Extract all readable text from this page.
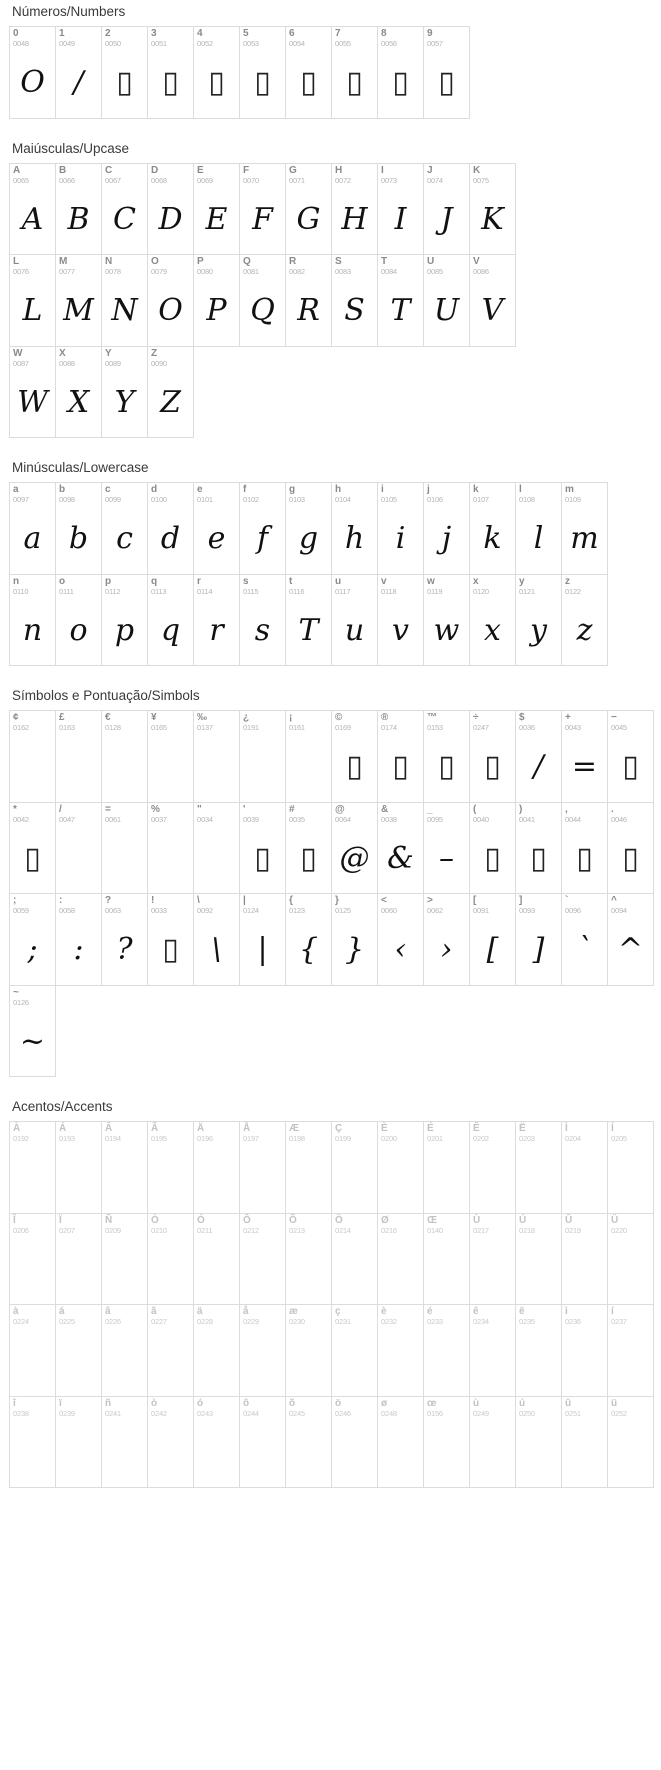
Números/Numbers
0
0048
O
1
0049
/
2
0050
▯
3
0051
▯
4
0052
▯
5
0053
▯
6
0054
▯
7
0055
▯
8
0056
▯
9
0057
▯
Maiúsculas/Upcase
A
0065
A
B
0066
B
C
0067
C
D
0068
D
E
0069
E
F
0070
F
G
0071
G
H
0072
H
I
0073
I
J
0074
J
K
0075
K
L
0076
L
M
0077
M
N
0078
N
O
0079
O
P
0080
P
Q
0081
Q
R
0082
R
S
0083
S
T
0084
T
U
0085
U
V
0086
V
W
0087
W
X
0088
X
Y
0089
Y
Z
0090
Z
Minúsculas/Lowercase
a
0097
a
b
0098
b
c
0099
c
d
0100
d
e
0101
e
f
0102
f
g
0103
g
h
0104
h
i
0105
i
j
0106
j
k
0107
k
l
0108
l
m
0109
m
n
0110
n
o
0111
o
p
0112
p
q
0113
q
r
0114
r
s
0115
s
t
0116
T
u
0117
u
v
0118
v
w
0119
w
x
0120
x
y
0121
y
z
0122
z
Símbolos e Pontuação/Simbols
¢
0162
£
0163
€
0128
¥
0165
‰
0137
¿
0191
¡
0161
©
0169
▯
®
0174
▯
™
0153
▯
÷
0247
▯
$
0036
/
+
0043
=
−
0045
▯
*
0042
▯
/
0047
=
0061
%
0037
"
0034
'
0039
▯
#
0035
▯
@
0064
@
&
0038
&
_
0095
–
(
0040
▯
)
0041
▯
,
0044
▯
.
0046
▯
;
0059
;
:
0058
:
?
0063
?
!
0033
▯
\
0092
\
|
0124
|
{
0123
{
}
0125
}
<
0060
‹
>
0062
›
[
0091
[
]
0093
]
`
0096
`
^
0094
^
~
0126
~
Acentos/Accents
À
0192
Á
0193
Â
0194
Ã
0195
Ä
0196
Å
0197
Æ
0198
Ç
0199
È
0200
É
0201
Ê
0202
Ë
0203
Ì
0204
Í
0205
Î
0206
Ï
0207
Ñ
0209
Ò
0210
Ó
0211
Ô
0212
Õ
0213
Ö
0214
Ø
0216
Œ
0140
Ù
0217
Ú
0218
Û
0219
Ü
0220
à
0224
á
0225
â
0226
ã
0227
ä
0228
å
0229
æ
0230
ç
0231
è
0232
é
0233
ê
0234
ë
0235
ì
0236
í
0237
î
0238
ï
0239
ñ
0241
ò
0242
ó
0243
ô
0244
õ
0245
ö
0246
ø
0248
œ
0156
ù
0249
ú
0250
û
0251
ü
0252
